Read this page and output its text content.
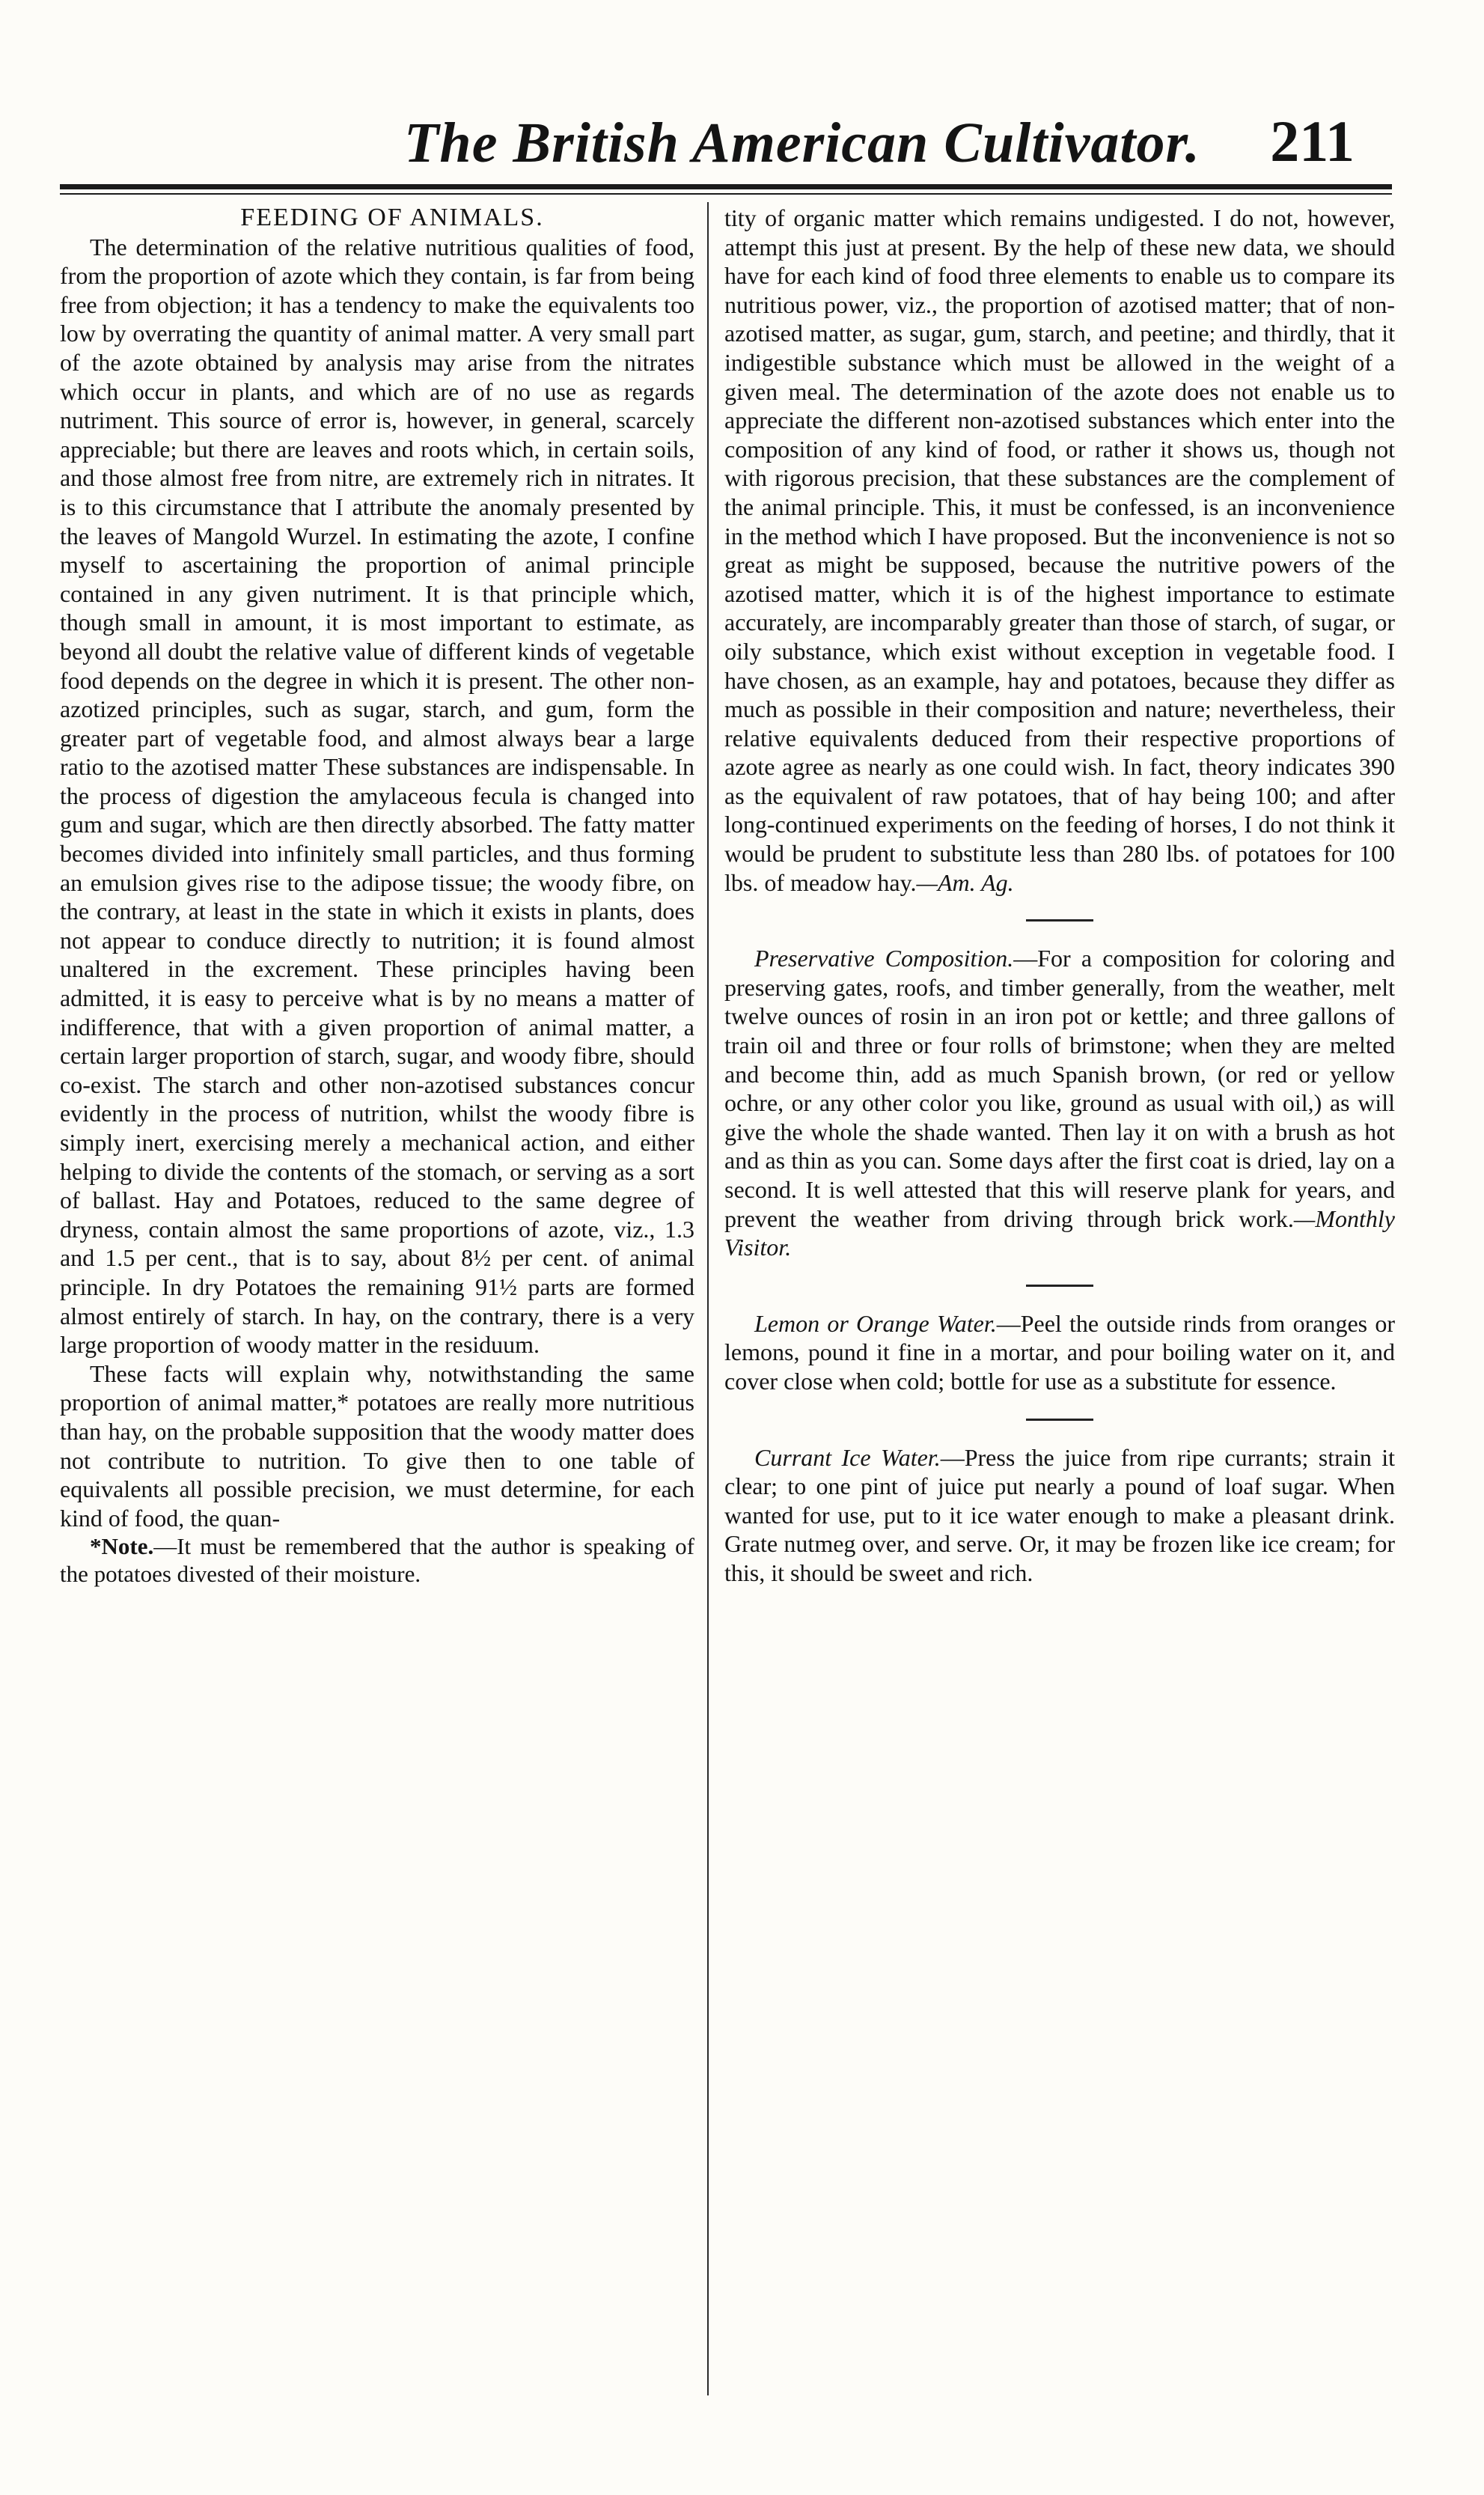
The British American Cultivator. 211

FEEDING OF ANIMALS.

The determination of the relative nutritious qualities of food, from the proportion of azote which they contain, is far from being free from objection; it has a tendency to make the equivalents too low by overrating the quantity of animal matter. A very small part of the azote obtained by analysis may arise from the nitrates which occur in plants, and which are of no use as regards nutriment. This source of error is, however, in general, scarcely appreciable; but there are leaves and roots which, in certain soils, and those almost free from nitre, are extremely rich in nitrates. It is to this circumstance that I attribute the anomaly presented by the leaves of Mangold Wurzel. In estimating the azote, I confine myself to ascertaining the proportion of animal principle contained in any given nutriment. It is that principle which, though small in amount, it is most important to estimate, as beyond all doubt the relative value of different kinds of vegetable food depends on the degree in which it is present. The other non-azotized principles, such as sugar, starch, and gum, form the greater part of vegetable food, and almost always bear a large ratio to the azotised matter These substances are indispensable. In the process of digestion the amylaceous fecula is changed into gum and sugar, which are then directly absorbed. The fatty matter becomes divided into infinitely small particles, and thus forming an emulsion gives rise to the adipose tissue; the woody fibre, on the contrary, at least in the state in which it exists in plants, does not appear to conduce directly to nutrition; it is found almost unaltered in the excrement. These principles having been admitted, it is easy to perceive what is by no means a matter of indifference, that with a given proportion of animal matter, a certain larger proportion of starch, sugar, and woody fibre, should co-exist. The starch and other non-azotised substances concur evidently in the process of nutrition, whilst the woody fibre is simply inert, exercising merely a mechanical action, and either helping to divide the contents of the stomach, or serving as a sort of ballast. Hay and Potatoes, reduced to the same degree of dryness, contain almost the same proportions of azote, viz., 1.3 and 1.5 per cent., that is to say, about 8½ per cent. of animal principle. In dry Potatoes the remaining 91½ parts are formed almost entirely of starch. In hay, on the contrary, there is a very large proportion of woody matter in the residuum.

These facts will explain why, notwithstanding the same proportion of animal matter,* potatoes are really more nutritious than hay, on the probable supposition that the woody matter does not contribute to nutrition. To give then to one table of equivalents all possible precision, we must determine, for each kind of food, the quan-

*Note.—It must be remembered that the author is speaking of the potatoes divested of their moisture.

tity of organic matter which remains undigested. I do not, however, attempt this just at present. By the help of these new data, we should have for each kind of food three elements to enable us to compare its nutritious power, viz., the proportion of azotised matter; that of non-azotised matter, as sugar, gum, starch, and peetine; and thirdly, that it indigestible substance which must be allowed in the weight of a given meal. The determination of the azote does not enable us to appreciate the different non-azotised substances which enter into the composition of any kind of food, or rather it shows us, though not with rigorous precision, that these substances are the complement of the animal principle. This, it must be confessed, is an inconvenience in the method which I have proposed. But the inconvenience is not so great as might be supposed, because the nutritive powers of the azotised matter, which it is of the highest importance to estimate accurately, are incomparably greater than those of starch, of sugar, or oily substance, which exist without exception in vegetable food. I have chosen, as an example, hay and potatoes, because they differ as much as possible in their composition and nature; nevertheless, their relative equivalents deduced from their respective proportions of azote agree as nearly as one could wish. In fact, theory indicates 390 as the equivalent of raw potatoes, that of hay being 100; and after long-continued experiments on the feeding of horses, I do not think it would be prudent to substitute less than 280 lbs. of potatoes for 100 lbs. of meadow hay.—Am. Ag.

Preservative Composition.—For a composition for coloring and preserving gates, roofs, and timber generally, from the weather, melt twelve ounces of rosin in an iron pot or kettle; and three gallons of train oil and three or four rolls of brimstone; when they are melted and become thin, add as much Spanish brown, (or red or yellow ochre, or any other color you like, ground as usual with oil,) as will give the whole the shade wanted. Then lay it on with a brush as hot and as thin as you can. Some days after the first coat is dried, lay on a second. It is well attested that this will reserve plank for years, and prevent the weather from driving through brick work.—Monthly Visitor.

Lemon or Orange Water.—Peel the outside rinds from oranges or lemons, pound it fine in a mortar, and pour boiling water on it, and cover close when cold; bottle for use as a substitute for essence.

Currant Ice Water.—Press the juice from ripe currants; strain it clear; to one pint of juice put nearly a pound of loaf sugar. When wanted for use, put to it ice water enough to make a pleasant drink. Grate nutmeg over, and serve. Or, it may be frozen like ice cream; for this, it should be sweet and rich.
